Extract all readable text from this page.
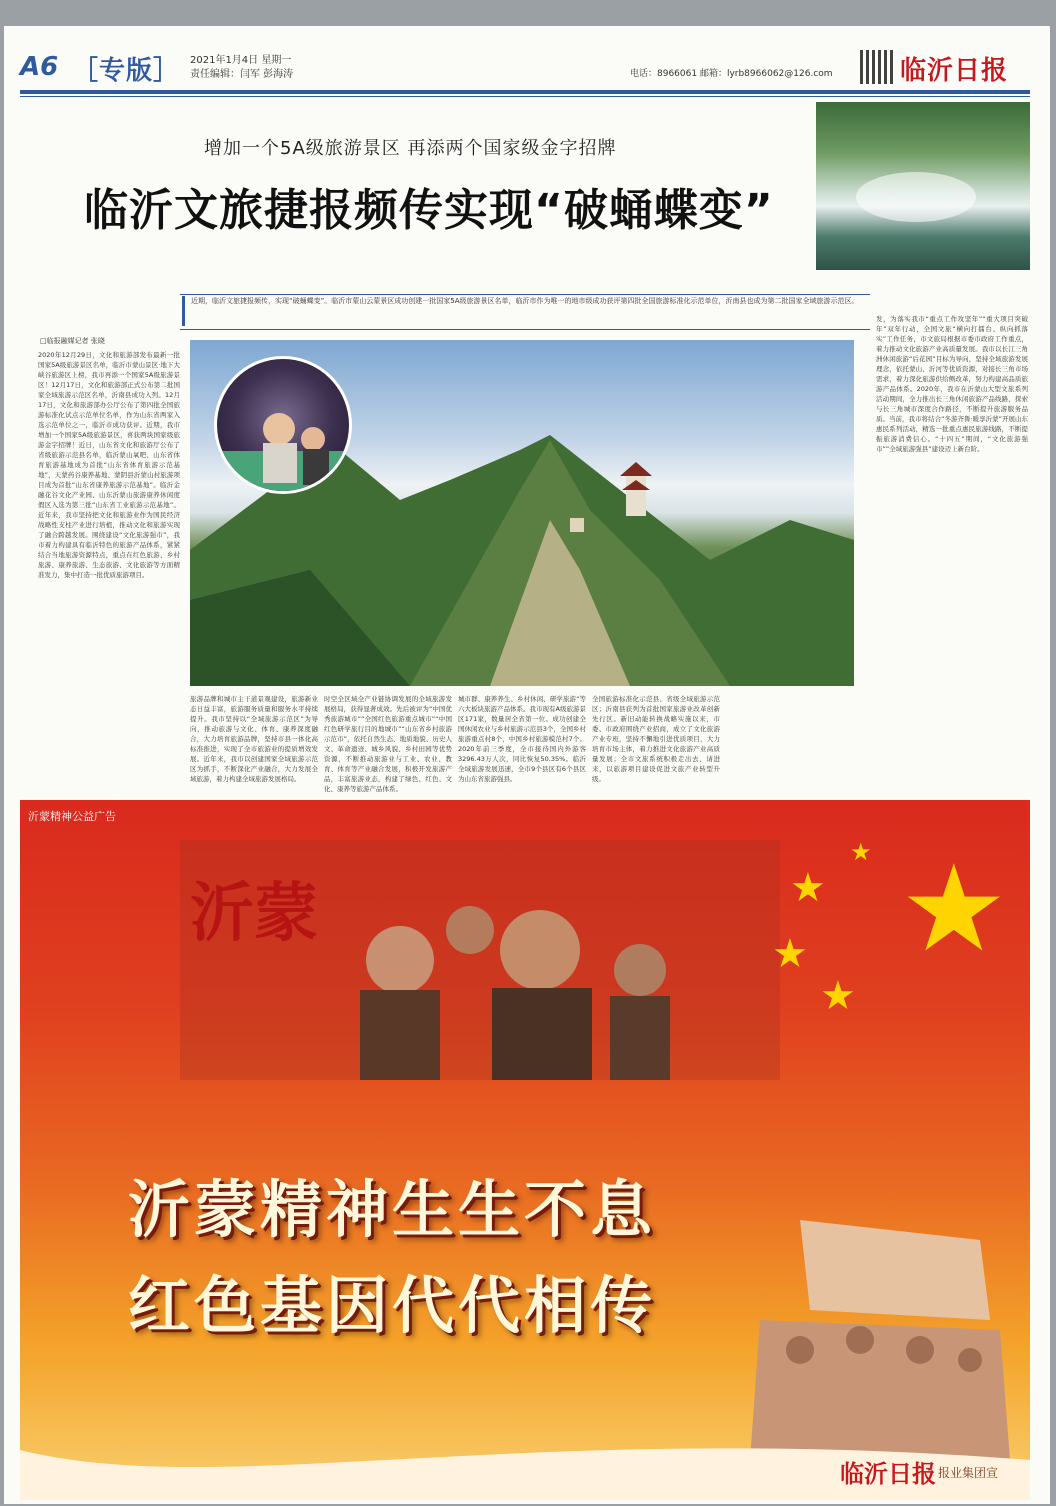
A6 ［专版］ 2021年1月4日 星期一
责任编辑：闫军 彭海涛	电话：8966061 邮箱：lyrb8966062@126.com	临沂日报
增加一个5A级旅游景区 再添两个国家级金字招牌
临沂文旅捷报频传实现“破蛹蝶变”
近期，临沂文旅捷报频传，实现“破蛹蝶变”。临沂市蒙山云蒙景区成功创建一批国家5A级旅游景区名单，临沂市作为唯一的地市级成功获评第四批全国旅游标准化示范单位，沂南县也成为第二批国家全域旅游示范区。
□临报融媒记者 张晓
2020年12月29日，文化和旅游部发布最新一批国家5A级旅游景区名单，临沂市蒙山景区·地下大峡谷旅游区上榜，我市再添一个国家5A级旅游景区！12月17日，文化和旅游部正式公布第二批国家全域旅游示范区名单，沂南县成功入列。12月17日，文化和旅游部办公厅公布了第四批全国旅游标准化试点示范单位名单，作为山东省两家入选示范单位之一，临沂市成功获评。近期，我市增加一个国家5A级旅游景区，喜获两块国家级旅游金字招牌！近日，山东省文化和旅游厅公布了省级旅游示范县名单，临沂蒙山氧吧、山东省体育旅游基地成为首批“山东省体育旅游示范基地”，天蒙药谷康养基地、蒙阴县沂蒙山村旅游项目成为首批“山东省康养旅游示范基地”。临沂金融花谷文化产业园、山东沂蒙山旅游康养休闲度假区入选为第三批“山东省工业旅游示范基地”。近年来，我市坚持把文化和旅游业作为国民经济战略性支柱产业进行培植，推动文化和旅游实现了融合跨越发展。围绕建设“文化旅游强市”，我市着力构建具有临沂特色的旅游产品体系，紧紧结合当地旅游资源特点，重点在红色旅游、乡村旅游、康养旅游、生态旅游、文化旅游等方面精准发力，集中打造一批优质旅游项目。
旅游品牌和城市主干道景观建设，旅游新业态日益丰富，旅游服务质量和服务水平持续提升。我市坚持以“全域旅游示范区”为导向，推动旅游与文化、体育、康养深度融合，大力培育旅游品牌，坚持市县一体化高标准推进，实现了全市旅游业的提质增效发展。近年来，我市以创建国家全域旅游示范区为抓手，不断深化产业融合，大力发展全域旅游，着力构建全域旅游发展格局。
时空全区域全产业链协调发展的全域旅游发展格局，获得显著成效。先后被评为“中国优秀旅游城市”“全国红色旅游重点城市”“中国红色研学旅行目的地城市”“山东省乡村旅游示范市”，依托自然生态、地质地貌、历史人文、革命遗迹、城乡风貌、乡村田园等优势资源，不断推动旅游业与工业、农业、教育、体育等产业融合发展，积极开发旅游产品，丰富旅游业态，构建了绿色、红色、文化、康养等旅游产品体系。
城市群、康养养生、乡村休闲、研学旅游“等六大板块旅游产品体系。我市现有A级旅游景区171家，数量居全省第一位。成功创建全国休闲农业与乡村旅游示范县3个，全国乡村旅游重点村8个，中国乡村旅游模范村7个。2020年前三季度，全市接待国内外游客3296.43万人次，同比恢复50.35%。临沂全域旅游发展迅速，全市9个县区有6个县区为山东省旅游强县。
全国旅游标准化示范县、省级全域旅游示范区；沂南县获列为首批国家旅游业改革创新先行区。新旧动能转换战略实施以来，市委、市政府围绕产业招商，成立了文化旅游产业专班，坚持不懈地引进优质项目，大力培育市场主体，着力推进文化旅游产业高质量发展；全市文旅系统积极走出去、请进来，以旅游项目建设促进文旅产业转型升级。
发，为落实我市“重点工作攻坚年”“重大项目突破年”双年行动，全国文旅“横向打擂台、纵向抓落实”工作任务，市文旅局根据市委市政府工作重点，着力推动文化旅游产业高质量发展。我市以长江三角洲休闲旅游“后花园”目标为导向，坚持全域旅游发展理念，依托蒙山、沂河等优质资源，对接长三角市场需求，着力深化旅游供给侧改革，努力构建高品质旅游产品体系。2020年，我市在沂蒙山大型文旅系列活动期间，全力推出长三角休闲旅游产品线路，探索与长三角城市深度合作路径，不断提升旅游服务品质。当前，我市将结合“冬游齐鲁·暖享沂蒙”开展山东惠民系列活动，精选一批重点惠民旅游线路，不断提振旅游消费信心。“十四五”期间，“文化旅游强市”“全域旅游强县”建设迈上新台阶。
沂蒙精神公益广告
沂蒙	★
★
★
★
★
沂蒙精神生生不息
红色基因代代相传
临沂日报 报业集团宣
